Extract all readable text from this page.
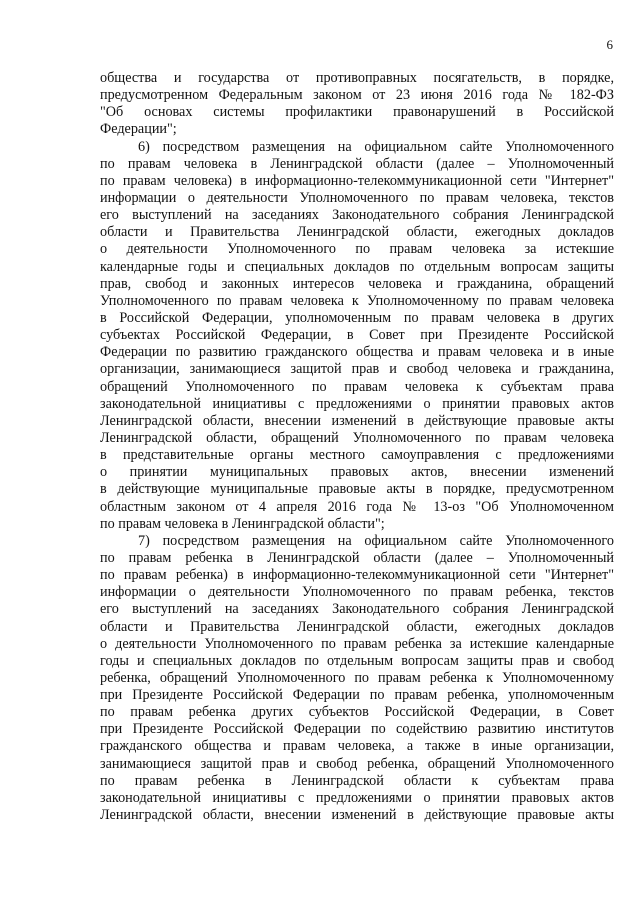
6
общества и государства от противоправных посягательств, в порядке,
предусмотренном Федеральным законом от 23 июня 2016 года № 182-ФЗ
"Об основах системы профилактики правонарушений в Российской
Федерации";
6) посредством размещения на официальном сайте Уполномоченного
по правам человека в Ленинградской области (далее – Уполномоченный
по правам человека) в информационно-телекоммуникационной сети "Интернет"
информации о деятельности Уполномоченного по правам человека, текстов
его выступлений на заседаниях Законодательного собрания Ленинградской
области и Правительства Ленинградской области, ежегодных докладов
о деятельности Уполномоченного по правам человека за истекшие
календарные годы и специальных докладов по отдельным вопросам защиты
прав, свобод и законных интересов человека и гражданина, обращений
Уполномоченного по правам человека к Уполномоченному по правам человека
в Российской Федерации, уполномоченным по правам человека в других
субъектах Российской Федерации, в Совет при Президенте Российской
Федерации по развитию гражданского общества и правам человека и в иные
организации, занимающиеся защитой прав и свобод человека и гражданина,
обращений Уполномоченного по правам человека к субъектам права
законодательной инициативы с предложениями о принятии правовых актов
Ленинградской области, внесении изменений в действующие правовые акты
Ленинградской области, обращений Уполномоченного по правам человека
в представительные органы местного самоуправления с предложениями
о принятии муниципальных правовых актов, внесении изменений
в действующие муниципальные правовые акты в порядке, предусмотренном
областным законом от 4 апреля 2016 года № 13-оз "Об Уполномоченном
по правам человека в Ленинградской области";
7) посредством размещения на официальном сайте Уполномоченного
по правам ребенка в Ленинградской области (далее – Уполномоченный
по правам ребенка) в информационно-телекоммуникационной сети "Интернет"
информации о деятельности Уполномоченного по правам ребенка, текстов
его выступлений на заседаниях Законодательного собрания Ленинградской
области и Правительства Ленинградской области, ежегодных докладов
о деятельности Уполномоченного по правам ребенка за истекшие календарные
годы и специальных докладов по отдельным вопросам защиты прав и свобод
ребенка, обращений Уполномоченного по правам ребенка к Уполномоченному
при Президенте Российской Федерации по правам ребенка, уполномоченным
по правам ребенка других субъектов Российской Федерации, в Совет
при Президенте Российской Федерации по содействию развитию институтов
гражданского общества и правам человека, а также в иные организации,
занимающиеся защитой прав и свобод ребенка, обращений Уполномоченного
по правам ребенка в Ленинградской области к субъектам права
законодательной инициативы с предложениями о принятии правовых актов
Ленинградской области, внесении изменений в действующие правовые акты
